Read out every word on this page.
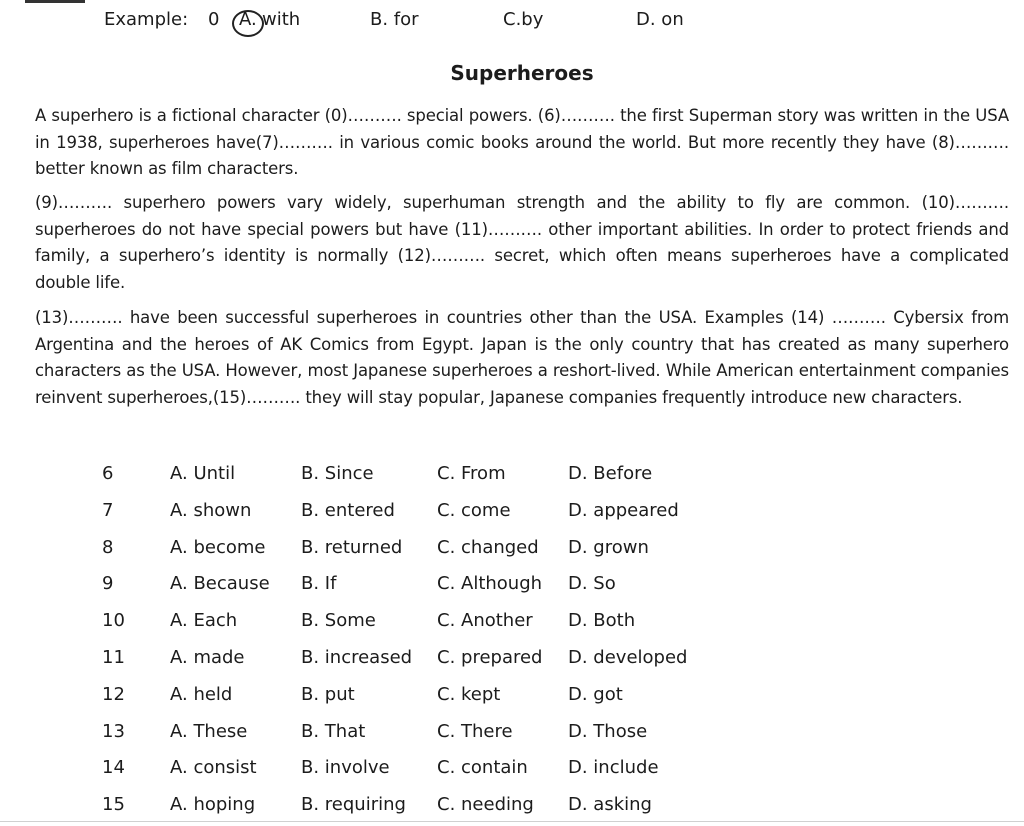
Example: 0 A. with	B. for	C.by	D. on
Superheroes
A superhero is a fictional character (0)………. special powers. (6)………. the first Superman story was written in the USA in 1938, superheroes have(7)………. in various comic books around the world. But more recently they have (8)………. better known as film characters.
(9)………. superhero powers vary widely, superhuman strength and the ability to fly are common. (10)………. superheroes do not have special powers but have (11)………. other important abilities. In order to protect friends and family, a superhero’s identity is normally (12)………. secret, which often means superheroes have a complicated double life.
(13)………. have been successful superheroes in countries other than the USA. Examples (14) ………. Cybersix from Argentina and the heroes of AK Comics from Egypt. Japan is the only country that has created as many superhero characters as the USA. However, most Japanese superheroes a reshort-lived. While American entertainment companies reinvent superheroes,(15)………. they will stay popular, Japanese companies frequently introduce new characters.
6	A. Until	B. Since	C. From	D. Before
7	A. shown	B. entered C. come	D. appeared
8	A. become B. returned C. changed D. grown
9	A. Because B. If	C. Although D. So
10	A. Each	B. Some	C. Another D. Both
11	A. made	B. increased C. prepared D. developed
12	A. held	B. put	C. kept	D. got
13	A. These	B. That	C. There	D. Those
14	A. consist B. involve	C. contain D. include
15	A. hoping	B. requiring C. needing D. asking
